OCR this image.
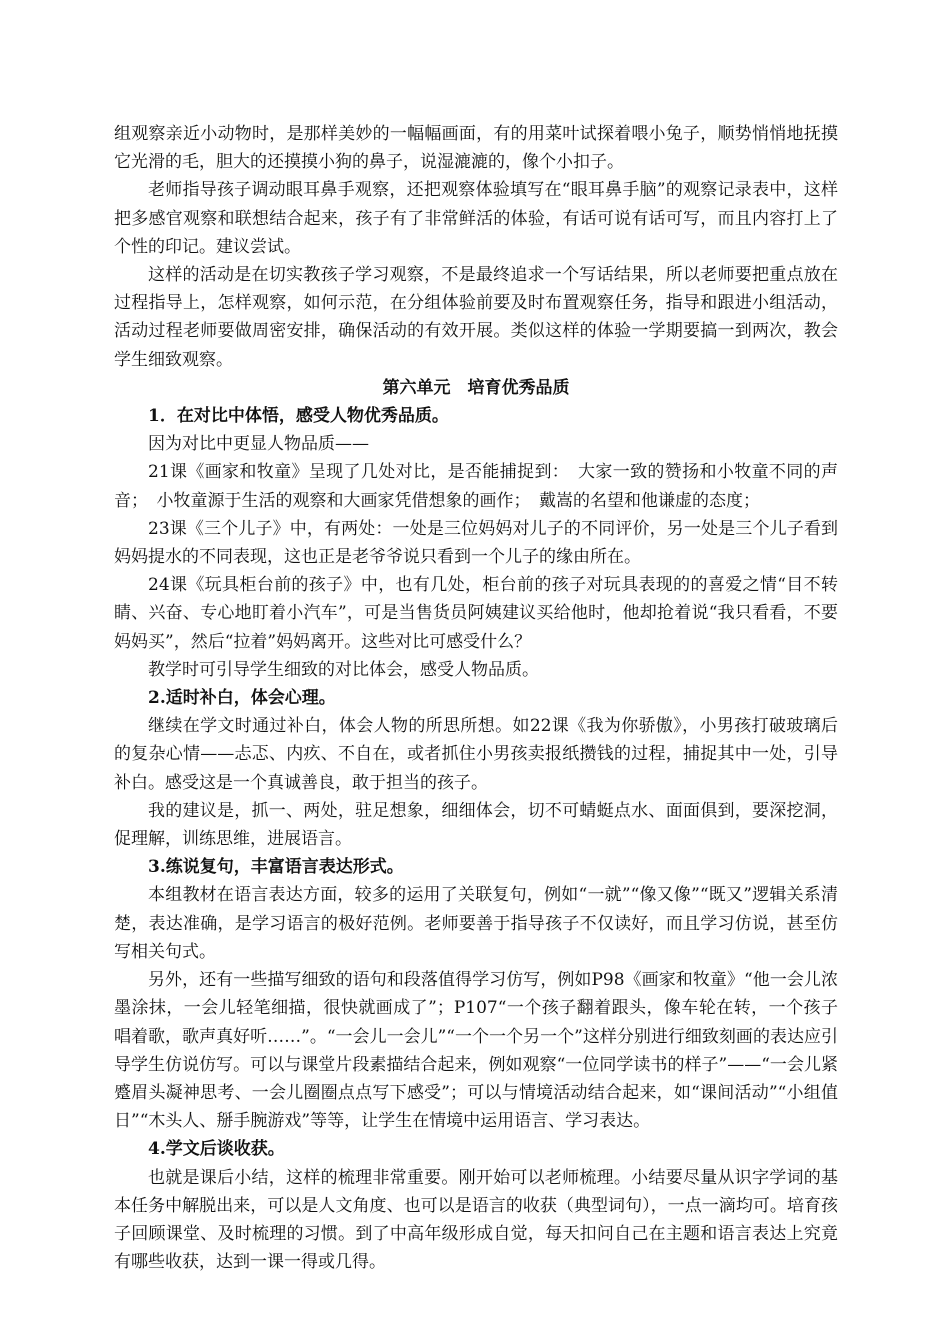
组观察亲近小动物时，是那样美妙的一幅幅画面，有的用菜叶试探着喂小兔子，顺势悄悄地抚摸它光滑的毛，胆大的还摸摸小狗的鼻子，说湿漉漉的，像个小扣子。

老师指导孩子调动眼耳鼻手观察，还把观察体验填写在“眼耳鼻手脑”的观察记录表中，这样把多感官观察和联想结合起来，孩子有了非常鲜活的体验，有话可说有话可写，而且内容打上了个性的印记。建议尝试。

这样的活动是在切实教孩子学习观察，不是最终追求一个写话结果，所以老师要把重点放在过程指导上，怎样观察，如何示范，在分组体验前要及时布置观察任务，指导和跟进小组活动，活动过程老师要做周密安排，确保活动的有效开展。类似这样的体验一学期要搞一到两次，教会学生细致观察。

第六单元　培育优秀品质
1．在对比中体悟，感受人物优秀品质。

因为对比中更显人物品质——

21课《画家和牧童》呈现了几处对比，是否能捕捉到：　大家一致的赞扬和小牧童不同的声音；　小牧童源于生活的观察和大画家凭借想象的画作；　戴嵩的名望和他谦虚的态度；

23课《三个儿子》中，有两处：一处是三位妈妈对儿子的不同评价，另一处是三个儿子看到妈妈提水的不同表现，这也正是老爷爷说只看到一个儿子的缘由所在。

24课《玩具柜台前的孩子》中，也有几处，柜台前的孩子对玩具表现的的喜爱之情“目不转睛、兴奋、专心地盯着小汽车”，可是当售货员阿姨建议买给他时，他却抢着说“我只看看，不要妈妈买”，然后“拉着”妈妈离开。这些对比可感受什么？

教学时可引导学生细致的对比体会，感受人物品质。

2.适时补白，体会心理。

继续在学文时通过补白，体会人物的所思所想。如22课《我为你骄傲》，小男孩打破玻璃后的复杂心情——忐忑、内疚、不自在，或者抓住小男孩卖报纸攒钱的过程，捕捉其中一处，引导补白。感受这是一个真诚善良，敢于担当的孩子。

我的建议是，抓一、两处，驻足想象，细细体会，切不可蜻蜓点水、面面俱到，要深挖洞，促理解，训练思维，进展语言。

3.练说复句，丰富语言表达形式。

本组教材在语言表达方面，较多的运用了关联复句，例如“一就”“像又像”“既又”逻辑关系清楚，表达准确，是学习语言的极好范例。老师要善于指导孩子不仅读好，而且学习仿说，甚至仿写相关句式。

另外，还有一些描写细致的语句和段落值得学习仿写，例如P98《画家和牧童》“他一会儿浓墨涂抹，一会儿轻笔细描，很快就画成了”；P107“一个孩子翻着跟头，像车轮在转，一个孩子唱着歌，歌声真好听……”。“一会儿一会儿”“一个一个另一个”这样分别进行细致刻画的表达应引导学生仿说仿写。可以与课堂片段素描结合起来，例如观察“一位同学读书的样子”——“一会儿紧蹙眉头凝神思考、一会儿圈圈点点写下感受”；可以与情境活动结合起来，如“课间活动”“小组值日”“木头人、掰手腕游戏”等等，让学生在情境中运用语言、学习表达。

4.学文后谈收获。

也就是课后小结，这样的梳理非常重要。刚开始可以老师梳理。小结要尽量从识字学词的基本任务中解脱出来，可以是人文角度、也可以是语言的收获（典型词句），一点一滴均可。培育孩子回顾课堂、及时梳理的习惯。到了中高年级形成自觉，每天扣问自己在主题和语言表达上究竟有哪些收获，达到一课一得或几得。
